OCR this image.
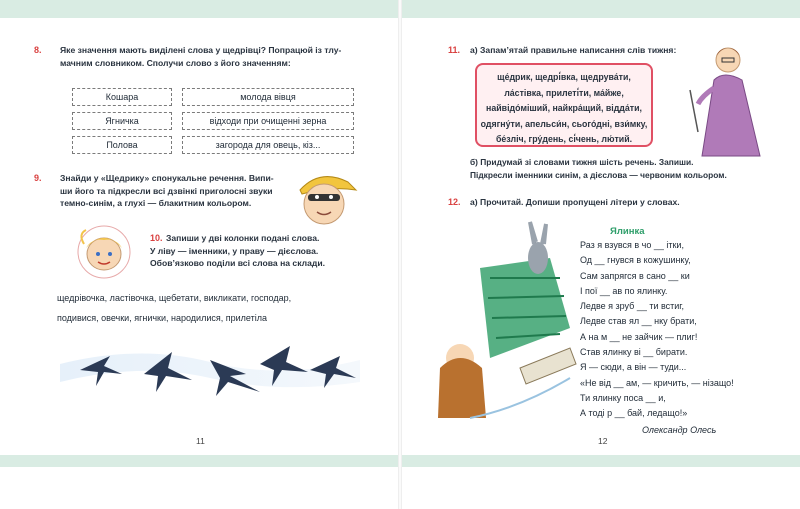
8. Яке значення мають виділені слова у щедрівці? Попрацюй із тлу-
мачним словником. Сполучи слово з його значенням:
Кошара
Ягничка
Полова
молода вівця
відходи при очищенні зерна
загорода для овець, кіз...
9. Знайди у «Щедрику» спонукальне речення. Випи-
ши його та підкресли всі дзвінкі приголосні звуки
темно-синім, а глухі — блакитним кольором.
10. Запиши у дві колонки подані слова.
У ліву — іменники, у праву — дієслова.
Обов’язково поділи всі слова на склади.
щедрівочка, ластівочка, щебетати, викликати, господар,
подивися, овечки, ягнички, народилися, прилетіла
11
11. а) Запам’ятай правильне написання слів тижня:
ще́дрик, щедрі́вка, щедрува́ти,
ла́стівка, прилеті́ти, ма́йже,
найвідо́міший, найкра́щий, відда́ти,
одягну́ти, апельси́н, сього́дні, взи́мку,
бе́зліч, гру́день, сі́чень, лю́тий.
б) Придумай зі словами тижня шість речень. Запиши.
Підкресли іменники синім, а дієслова — червоним кольором.
12. а) Прочитай. Допиши пропущені літери у словах.
Ялинка
Раз я взувся в чо __ ітки,
Од __ гнувся в кожушинку,
Сам запрягся в сано __ ки
І пої __ ав по ялинку.
Ледве я зруб __ ти встиг,
Ледве став ял __ нку брати,
А на м __ не зайчик — плиг!
Став ялинку ві __ бирати.
Я — сюди, а він — туди...
«Не від __ ам, — кричить, — нізащо!
Ти ялинку поса __ и,
А тоді р __ бай, ледащо!»
Олександр Олесь
12
